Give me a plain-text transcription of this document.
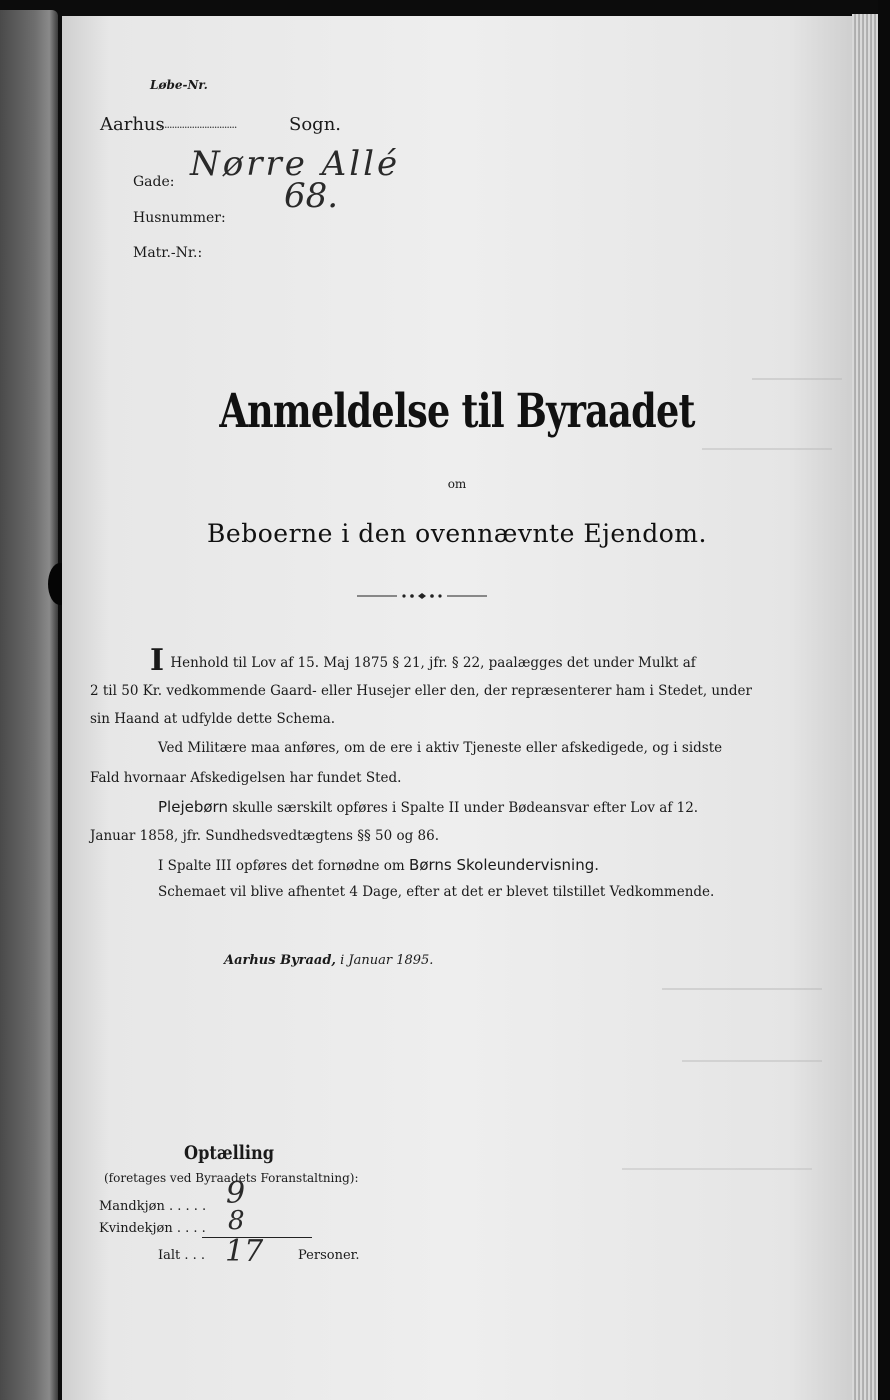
Løbe-Nr.
Aarhus
...............................	Sogn.
Gade: Nørre Allé
Husnummer:
68.
Matr.-Nr.:
Anmeldelse til Byraadet
om
Beboerne i den ovennævnte Ejendom.
I Henhold til Lov af 15. Maj 1875 § 21, jfr. § 22, paalægges det under Mulkt af
2 til 50 Kr. vedkommende Gaard- eller Husejer eller den, der repræsenterer ham i Stedet, under
sin Haand at udfylde dette Schema.
Ved Militære maa anføres, om de ere i aktiv Tjeneste eller afskedigede, og i sidste
Fald hvornaar Afskedigelsen har fundet Sted.
Plejebørn skulle særskilt opføres i Spalte II under Bødeansvar efter Lov af 12.
Januar 1858, jfr. Sundhedsvedtægtens §§ 50 og 86.
I Spalte III opføres det fornødne om Børns Skoleundervisning.
Schemaet vil blive afhentet 4 Dage, efter at det er blevet tilstillet Vedkommende.
Aarhus Byraad, i Januar 1895.
Optælling
(foretages ved Byraadets Foranstaltning):
Mandkjøn . . . . . 9
Kvindekjøn . . . . 8
Ialt . . . 17	Personer.
